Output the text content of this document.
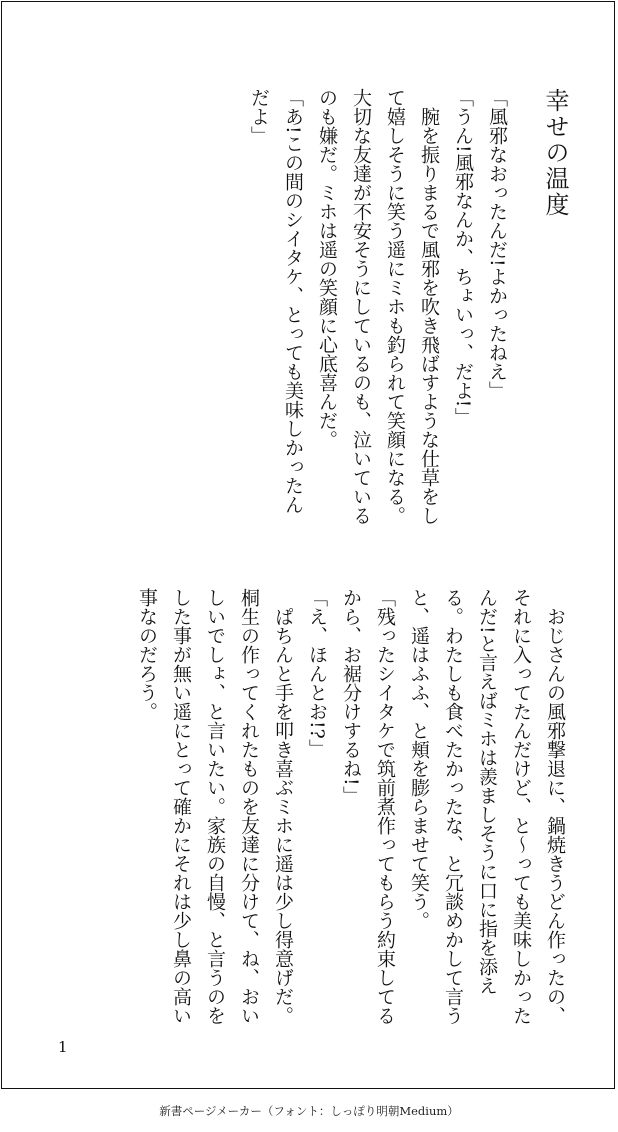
幸せの温度

「風邪なおったんだ!よかったねえ」

「うん!風邪なんか、ちょいっ、だよ!」

腕を振りまるで風邪を吹き飛ばすような仕草をして嬉しそうに笑う遥にミホも釣られて笑顔になる。

大切な友達が不安そうにしているのも、泣いているのも嫌だ。ミホは遥の笑顔に心底喜んだ。

「あ!この間のシイタケ、とっても美味しかったんだよ」

おじさんの風邪撃退に、鍋焼きうどん作ったの、それに入ってたんだけど、と～っても美味しかったんだ!と言えばミホは羨ましそうに口に指を添える。わたしも食べたかったな、と冗談めかして言うと、遥はふふ、と頬を膨らませて笑う。

「残ったシイタケで筑前煮作ってもらう約束してるから、お裾分けするね!」

「え、ほんとお!?」

ぱちんと手を叩き喜ぶミホに遥は少し得意げだ。桐生の作ってくれたものを友達に分けて、ね、おいしいでしょ、と言いたい。家族の自慢、と言うのをした事が無い遥にとって確かにそれは少し鼻の高い事なのだろう。

1
新書ページメーカー（フォント：しっぽり明朝Medium）
